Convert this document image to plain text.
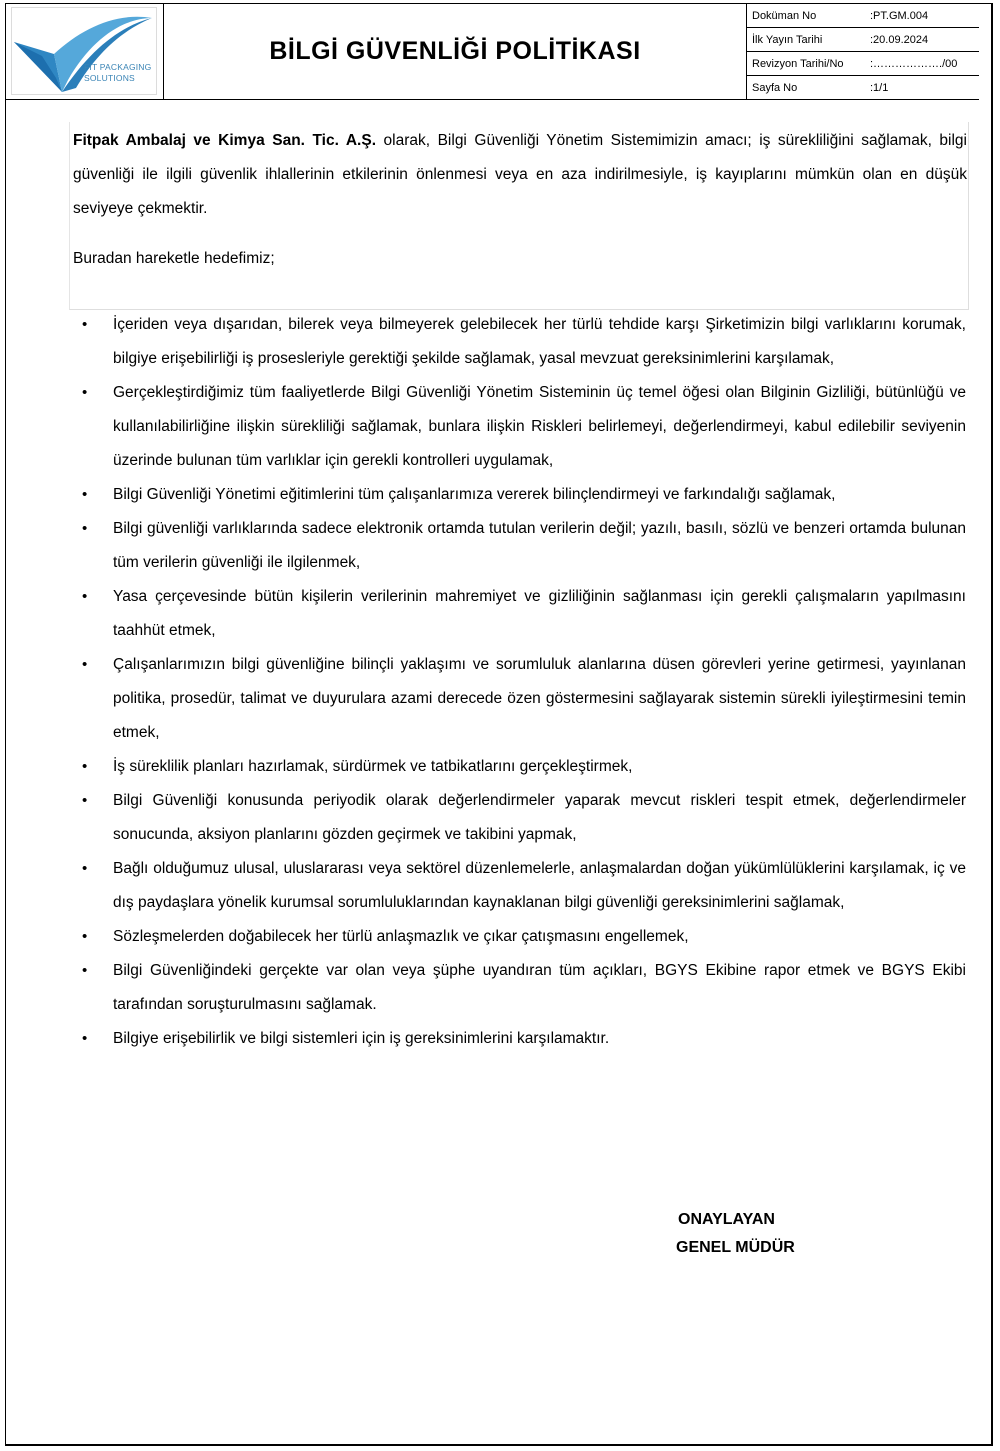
FIT PACKAGING
SOLUTIONS
BİLGİ GÜVENLİĞİ POLİTİKASI
Doküman No	:PT.GM.004
İlk Yayın Tarihi	:20.09.2024
Revizyon Tarihi/No	:………………./00
Sayfa No	:1/1

Fitpak Ambalaj ve Kimya San. Tic. A.Ş. olarak, Bilgi Güvenliği Yönetim Sistemimizin amacı; iş sürekliliğini sağlamak, bilgi güvenliği ile ilgili güvenlik ihlallerinin etkilerinin önlenmesi veya en aza indirilmesiyle, iş kayıplarını mümkün olan en düşük seviyeye çekmektir.

Buradan hareketle hedefimiz;

• İçeriden veya dışarıdan, bilerek veya bilmeyerek gelebilecek her türlü tehdide karşı Şirketimizin bilgi varlıklarını korumak, bilgiye erişebilirliği iş prosesleriyle gerektiği şekilde sağlamak, yasal mevzuat gereksinimlerini karşılamak,
• Gerçekleştirdiğimiz tüm faaliyetlerde Bilgi Güvenliği Yönetim Sisteminin üç temel öğesi olan Bilginin Gizliliği, bütünlüğü ve kullanılabilirliğine ilişkin sürekliliği sağlamak, bunlara ilişkin Riskleri belirlemeyi, değerlendirmeyi, kabul edilebilir seviyenin üzerinde bulunan tüm varlıklar için gerekli kontrolleri uygulamak,
• Bilgi Güvenliği Yönetimi eğitimlerini tüm çalışanlarımıza vererek bilinçlendirmeyi ve farkındalığı sağlamak,
• Bilgi güvenliği varlıklarında sadece elektronik ortamda tutulan verilerin değil; yazılı, basılı, sözlü ve benzeri ortamda bulunan tüm verilerin güvenliği ile ilgilenmek,
• Yasa çerçevesinde bütün kişilerin verilerinin mahremiyet ve gizliliğinin sağlanması için gerekli çalışmaların yapılmasını taahhüt etmek,
• Çalışanlarımızın bilgi güvenliğine bilinçli yaklaşımı ve sorumluluk alanlarına düsen görevleri yerine getirmesi, yayınlanan politika, prosedür, talimat ve duyurulara azami derecede özen göstermesini sağlayarak sistemin sürekli iyileştirmesini temin etmek,
• İş süreklilik planları hazırlamak, sürdürmek ve tatbikatlarını gerçekleştirmek,
• Bilgi Güvenliği konusunda periyodik olarak değerlendirmeler yaparak mevcut riskleri tespit etmek, değerlendirmeler sonucunda, aksiyon planlarını gözden geçirmek ve takibini yapmak,
• Bağlı olduğumuz ulusal, uluslararası veya sektörel düzenlemelerle, anlaşmalardan doğan yükümlülüklerini karşılamak, iç ve dış paydaşlara yönelik kurumsal sorumluluklarından kaynaklanan bilgi güvenliği gereksinimlerini sağlamak,
• Sözleşmelerden doğabilecek her türlü anlaşmazlık ve çıkar çatışmasını engellemek,
• Bilgi Güvenliğindeki gerçekte var olan veya şüphe uyandıran tüm açıkları, BGYS Ekibine rapor etmek ve BGYS Ekibi tarafından soruşturulmasını sağlamak.
• Bilgiye erişebilirlik ve bilgi sistemleri için iş gereksinimlerini karşılamaktır.
ONAYLAYAN
GENEL MÜDÜR
